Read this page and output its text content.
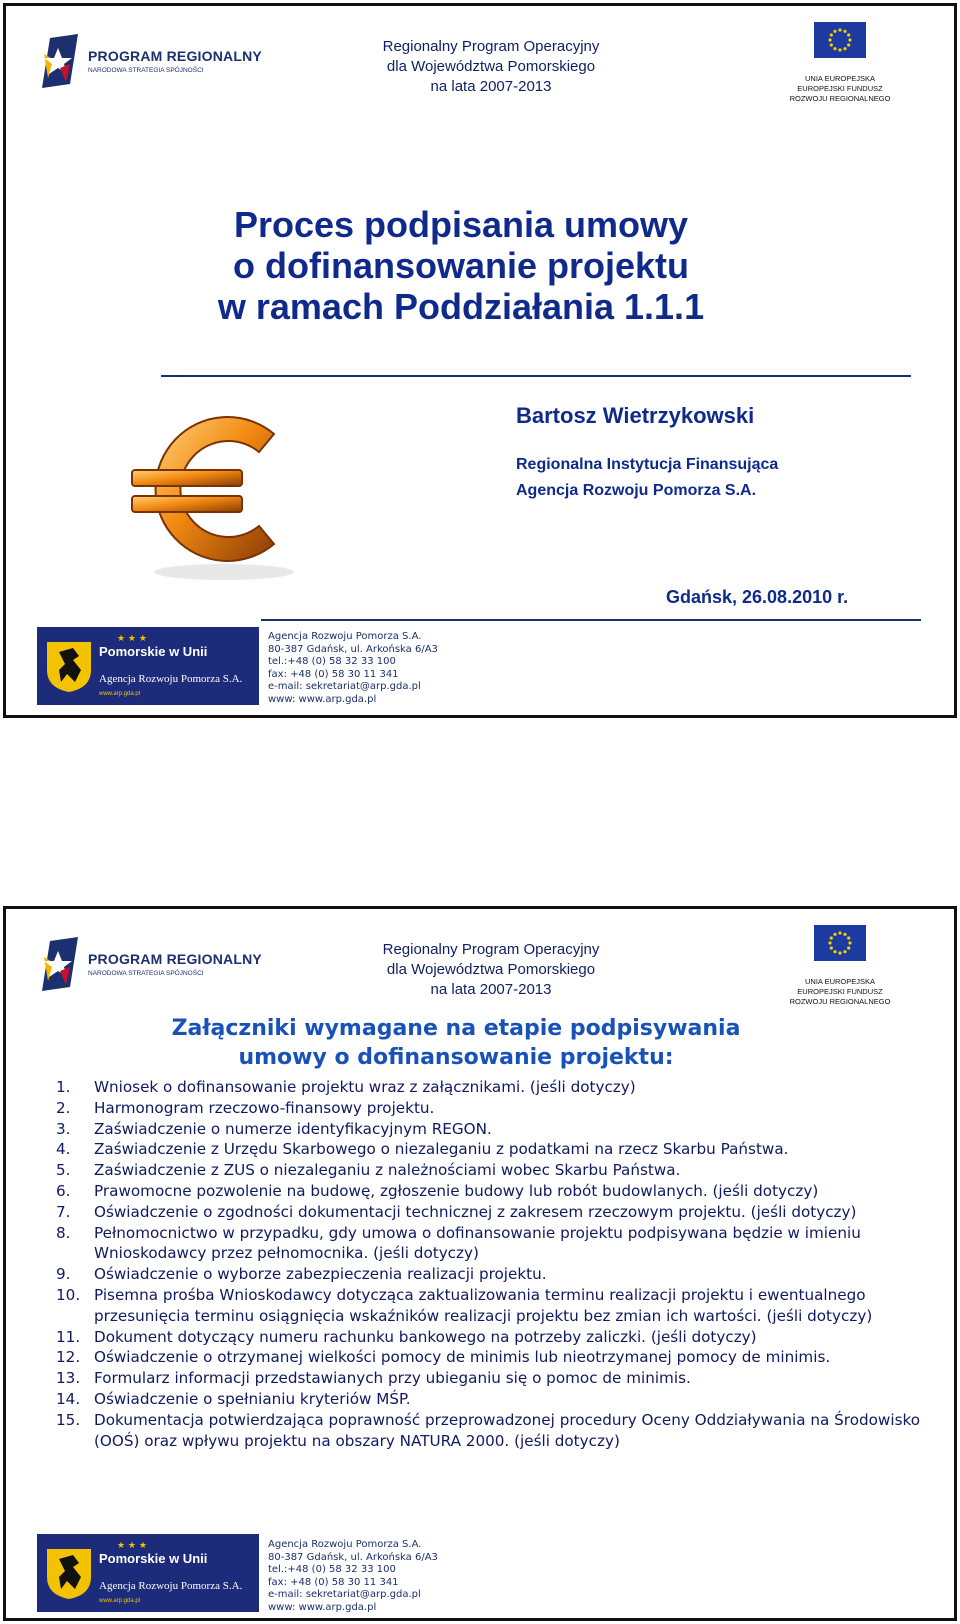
PROGRAM REGIONALNY
NARODOWA STRATEGIA SPÓJNOŚCI
Regionalny Program Operacyjny
dla Województwa Pomorskiego
na lata 2007-2013	UNIA EUROPEJSKA
EUROPEJSKI FUNDUSZ
ROZWOJU REGIONALNEGO
Proces podpisania umowy
o dofinansowanie projektu
w ramach Poddziałania 1.1.1
Bartosz Wietrzykowski
Regionalna Instytucja Finansująca
Agencja Rozwoju Pomorza S.A.
Gdańsk, 26.08.2010 r.
★ ★ ★
Pomorskie w Unii
Agencja Rozwoju Pomorza S.A.
www.arp.gda.pl
Agencja Rozwoju Pomorza S.A.
80-387 Gdańsk, ul. Arkońska 6/A3
tel.:+48 (0) 58 32 33 100
fax: +48 (0) 58 30 11 341
e-mail: sekretariat@arp.gda.pl
www: www.arp.gda.pl
PROGRAM REGIONALNY
NARODOWA STRATEGIA SPÓJNOŚCI
Regionalny Program Operacyjny
dla Województwa Pomorskiego
na lata 2007-2013	UNIA EUROPEJSKA
EUROPEJSKI FUNDUSZ
ROZWOJU REGIONALNEGO
Załączniki wymagane na etapie podpisywania
umowy o dofinansowanie projektu:
1. Wniosek o dofinansowanie projektu wraz z załącznikami. (jeśli dotyczy)
2. Harmonogram rzeczowo-finansowy projektu.
3. Zaświadczenie o numerze identyfikacyjnym REGON.
4. Zaświadczenie z Urzędu Skarbowego o niezaleganiu z podatkami na rzecz Skarbu Państwa.
5. Zaświadczenie z ZUS o niezaleganiu z należnościami wobec Skarbu Państwa.
6. Prawomocne pozwolenie na budowę, zgłoszenie budowy lub robót budowlanych. (jeśli dotyczy)
7. Oświadczenie o zgodności dokumentacji technicznej z zakresem rzeczowym projektu. (jeśli dotyczy)
8. Pełnomocnictwo w przypadku, gdy umowa o dofinansowanie projektu podpisywana będzie w imieniu Wnioskodawcy przez pełnomocnika. (jeśli dotyczy)
9. Oświadczenie o wyborze zabezpieczenia realizacji projektu.
10. Pisemna prośba Wnioskodawcy dotycząca zaktualizowania terminu realizacji projektu i ewentualnego przesunięcia terminu osiągnięcia wskaźników realizacji projektu bez zmian ich wartości. (jeśli dotyczy)
11. Dokument dotyczący numeru rachunku bankowego na potrzeby zaliczki. (jeśli dotyczy)
12. Oświadczenie o otrzymanej wielkości pomocy de minimis lub nieotrzymanej pomocy de minimis.
13. Formularz informacji przedstawianych przy ubieganiu się o pomoc de minimis.
14. Oświadczenie o spełnianiu kryteriów MŚP.
15. Dokumentacja potwierdzająca poprawność przeprowadzonej procedury Oceny Oddziaływania na Środowisko (OOŚ) oraz wpływu projektu na obszary NATURA 2000. (jeśli dotyczy)
★ ★ ★
Pomorskie w Unii
Agencja Rozwoju Pomorza S.A.
www.arp.gda.pl
Agencja Rozwoju Pomorza S.A.
80-387 Gdańsk, ul. Arkońska 6/A3
tel.:+48 (0) 58 32 33 100
fax: +48 (0) 58 30 11 341
e-mail: sekretariat@arp.gda.pl
www: www.arp.gda.pl
